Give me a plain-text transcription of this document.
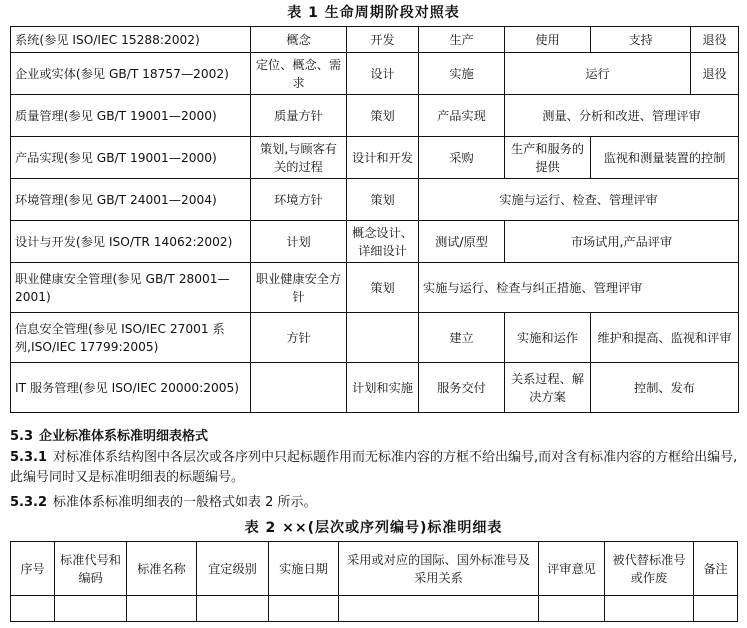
表 1 生命周期阶段对照表
系统(参见 ISO/IEC 15288:2002)	概念	开发	生产	使用	支持	退役
企业或实体(参见 GB/T 18757—2002)	定位、概念、需求	设计	实施	运行		退役
质量管理(参见 GB/T 19001—2000)	质量方针	策划	产品实现	测量、分析和改进、管理评审		
产品实现(参见 GB/T 19001—2000)	策划,与顾客有关的过程	设计和开发	采购	生产和服务的提供	监视和测量装置的控制	
环境管理(参见 GB/T 24001—2004)	环境方针	策划	实施与运行、检查、管理评审			
设计与开发(参见 ISO/TR 14062:2002)	计划	概念设计、详细设计	测试/原型	市场试用,产品评审		
职业健康安全管理(参见 GB/T 28001—2001)	职业健康安全方针	策划	实施与运行、检查与纠正措施、管理评审			
信息安全管理(参见 ISO/IEC 27001 系列,ISO/IEC 17799:2005)	方针		建立	实施和运作	维护和提高、监视和评审	
IT 服务管理(参见 ISO/IEC 20000:2005)		计划和实施	服务交付	关系过程、解决方案	控制、发布	
5.3 企业标准体系标准明细表格式
5.3.1 对标准体系结构图中各层次或各序列中只起标题作用而无标准内容的方框不给出编号,而对含有标准内容的方框给出编号,此编号同时又是标准明细表的标题编号。
5.3.2 标准体系标准明细表的一般格式如表 2 所示。
表 2 ××(层次或序列编号)标准明细表
序号	标准代号和编码	标准名称	宜定级别	实施日期	采用或对应的国际、国外标准号及采用关系	评审意见	被代替标准号或作废	备注
